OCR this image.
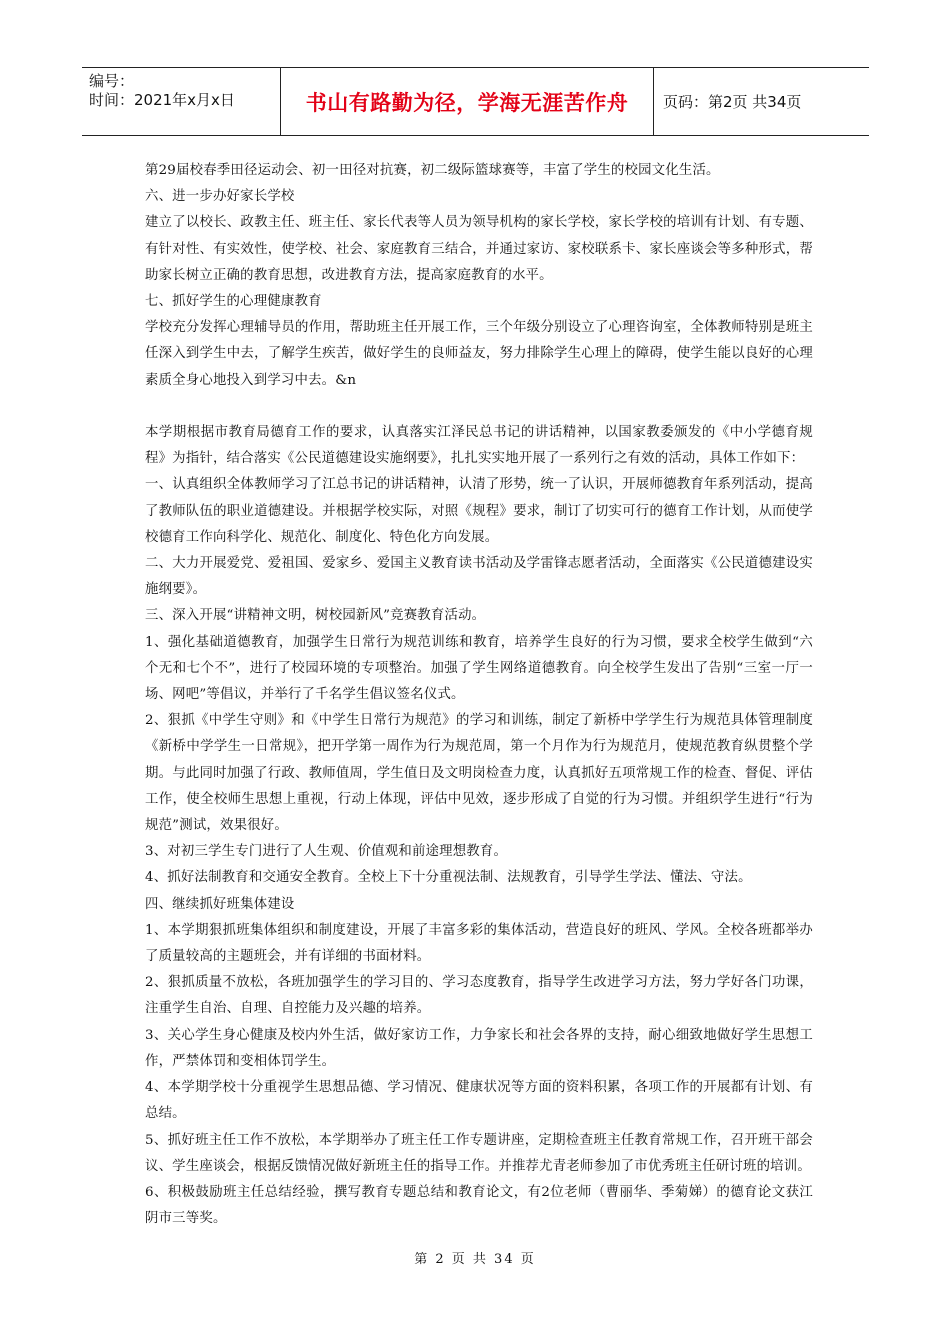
编号：
时间：2021年x月x日	书山有路勤为径，学海无涯苦作舟	页码：第2页 共34页

第29届校春季田径运动会、初一田径对抗赛，初二级际篮球赛等，丰富了学生的校园文化生活。

六、进一步办好家长学校

建立了以校长、政教主任、班主任、家长代表等人员为领导机构的家长学校，家长学校的培训有计划、有专题、有针对性、有实效性，使学校、社会、家庭教育三结合，并通过家访、家校联系卡、家长座谈会等多种形式，帮助家长树立正确的教育思想，改进教育方法，提高家庭教育的水平。

七、抓好学生的心理健康教育

学校充分发挥心理辅导员的作用，帮助班主任开展工作，三个年级分别设立了心理咨询室，全体教师特别是班主任深入到学生中去，了解学生疾苦，做好学生的良师益友，努力排除学生心理上的障碍，使学生能以良好的心理素质全身心地投入到学习中去。&n

本学期根据市教育局德育工作的要求，认真落实江泽民总书记的讲话精神，以国家教委颁发的《中小学德育规程》为指针，结合落实《公民道德建设实施纲要》，扎扎实实地开展了一系列行之有效的活动，具体工作如下：

一、认真组织全体教师学习了江总书记的讲话精神，认清了形势，统一了认识，开展师德教育年系列活动，提高了教师队伍的职业道德建设。并根据学校实际，对照《规程》要求，制订了切实可行的德育工作计划，从而使学校德育工作向科学化、规范化、制度化、特色化方向发展。

二、大力开展爱党、爱祖国、爱家乡、爱国主义教育读书活动及学雷锋志愿者活动，全面落实《公民道德建设实施纲要》。

三、深入开展“讲精神文明，树校园新风”竞赛教育活动。

1、强化基础道德教育，加强学生日常行为规范训练和教育，培养学生良好的行为习惯，要求全校学生做到“六个无和七个不”，进行了校园环境的专项整治。加强了学生网络道德教育。向全校学生发出了告别“三室一厅一场、网吧”等倡议，并举行了千名学生倡议签名仪式。

2、狠抓《中学生守则》和《中学生日常行为规范》的学习和训练，制定了新桥中学学生行为规范具体管理制度《新桥中学学生一日常规》，把开学第一周作为行为规范周，第一个月作为行为规范月，使规范教育纵贯整个学期。与此同时加强了行政、教师值周，学生值日及文明岗检查力度，认真抓好五项常规工作的检查、督促、评估工作，使全校师生思想上重视，行动上体现，评估中见效，逐步形成了自觉的行为习惯。并组织学生进行“行为规范”测试，效果很好。

3、对初三学生专门进行了人生观、价值观和前途理想教育。

4、抓好法制教育和交通安全教育。全校上下十分重视法制、法规教育，引导学生学法、懂法、守法。

四、继续抓好班集体建设

1、本学期狠抓班集体组织和制度建设，开展了丰富多彩的集体活动，营造良好的班风、学风。全校各班都举办了质量较高的主题班会，并有详细的书面材料。

2、狠抓质量不放松，各班加强学生的学习目的、学习态度教育，指导学生改进学习方法，努力学好各门功课，注重学生自治、自理、自控能力及兴趣的培养。

3、关心学生身心健康及校内外生活，做好家访工作，力争家长和社会各界的支持，耐心细致地做好学生思想工作，严禁体罚和变相体罚学生。

4、本学期学校十分重视学生思想品德、学习情况、健康状况等方面的资料积累，各项工作的开展都有计划、有总结。

5、抓好班主任工作不放松，本学期举办了班主任工作专题讲座，定期检查班主任教育常规工作，召开班干部会议、学生座谈会，根据反馈情况做好新班主任的指导工作。并推荐尤青老师参加了市优秀班主任研讨班的培训。

6、积极鼓励班主任总结经验，撰写教育专题总结和教育论文，有2位老师（曹丽华、季菊娣）的德育论文获江阴市三等奖。

第 2 页 共 34 页
